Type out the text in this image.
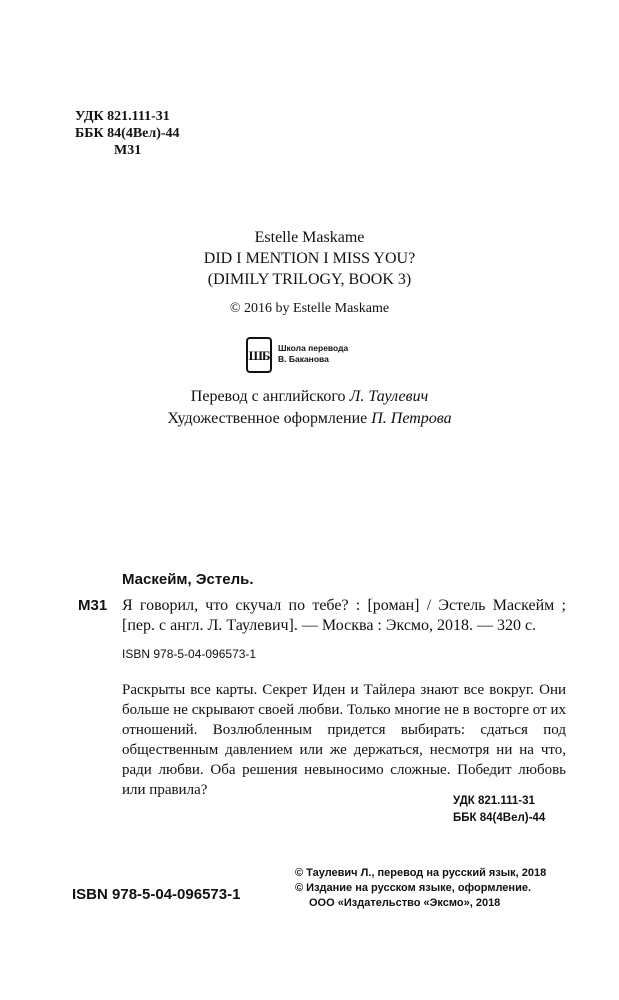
УДК 821.111-31
ББК 84(4Вел)-44
М31
Estelle Maskame
DID I MENTION I MISS YOU?
(DIMILY TRILOGY, BOOK 3)
© 2016 by Estelle Maskame
ШБ Школа перевода
В. Баканова
Перевод с английского Л. Таулевич
Художественное оформление П. Петрова
Маскейм, Эстель.
М31 Я говорил, что скучал по тебе? : [роман] / Эстель Маскейм ; [пер. с англ. Л. Таулевич]. — Москва : Эксмо, 2018. — 320 с.

ISBN 978-5-04-096573-1

Раскрыты все карты. Секрет Иден и Тайлера знают все вокруг. Они больше не скрывают своей любви. Только многие не в восторге от их отношений. Возлюбленным придется выбирать: сдаться под общественным давлением или же держаться, несмотря ни на что, ради любви. Оба решения невыносимо сложные. Победит любовь или правила?

УДК 821.111-31
ББК 84(4Вел)-44
ISBN 978-5-04-096573-1
© Таулевич Л., перевод на русский язык, 2018
© Издание на русском языке, оформление.
ООО «Издательство «Эксмо», 2018
